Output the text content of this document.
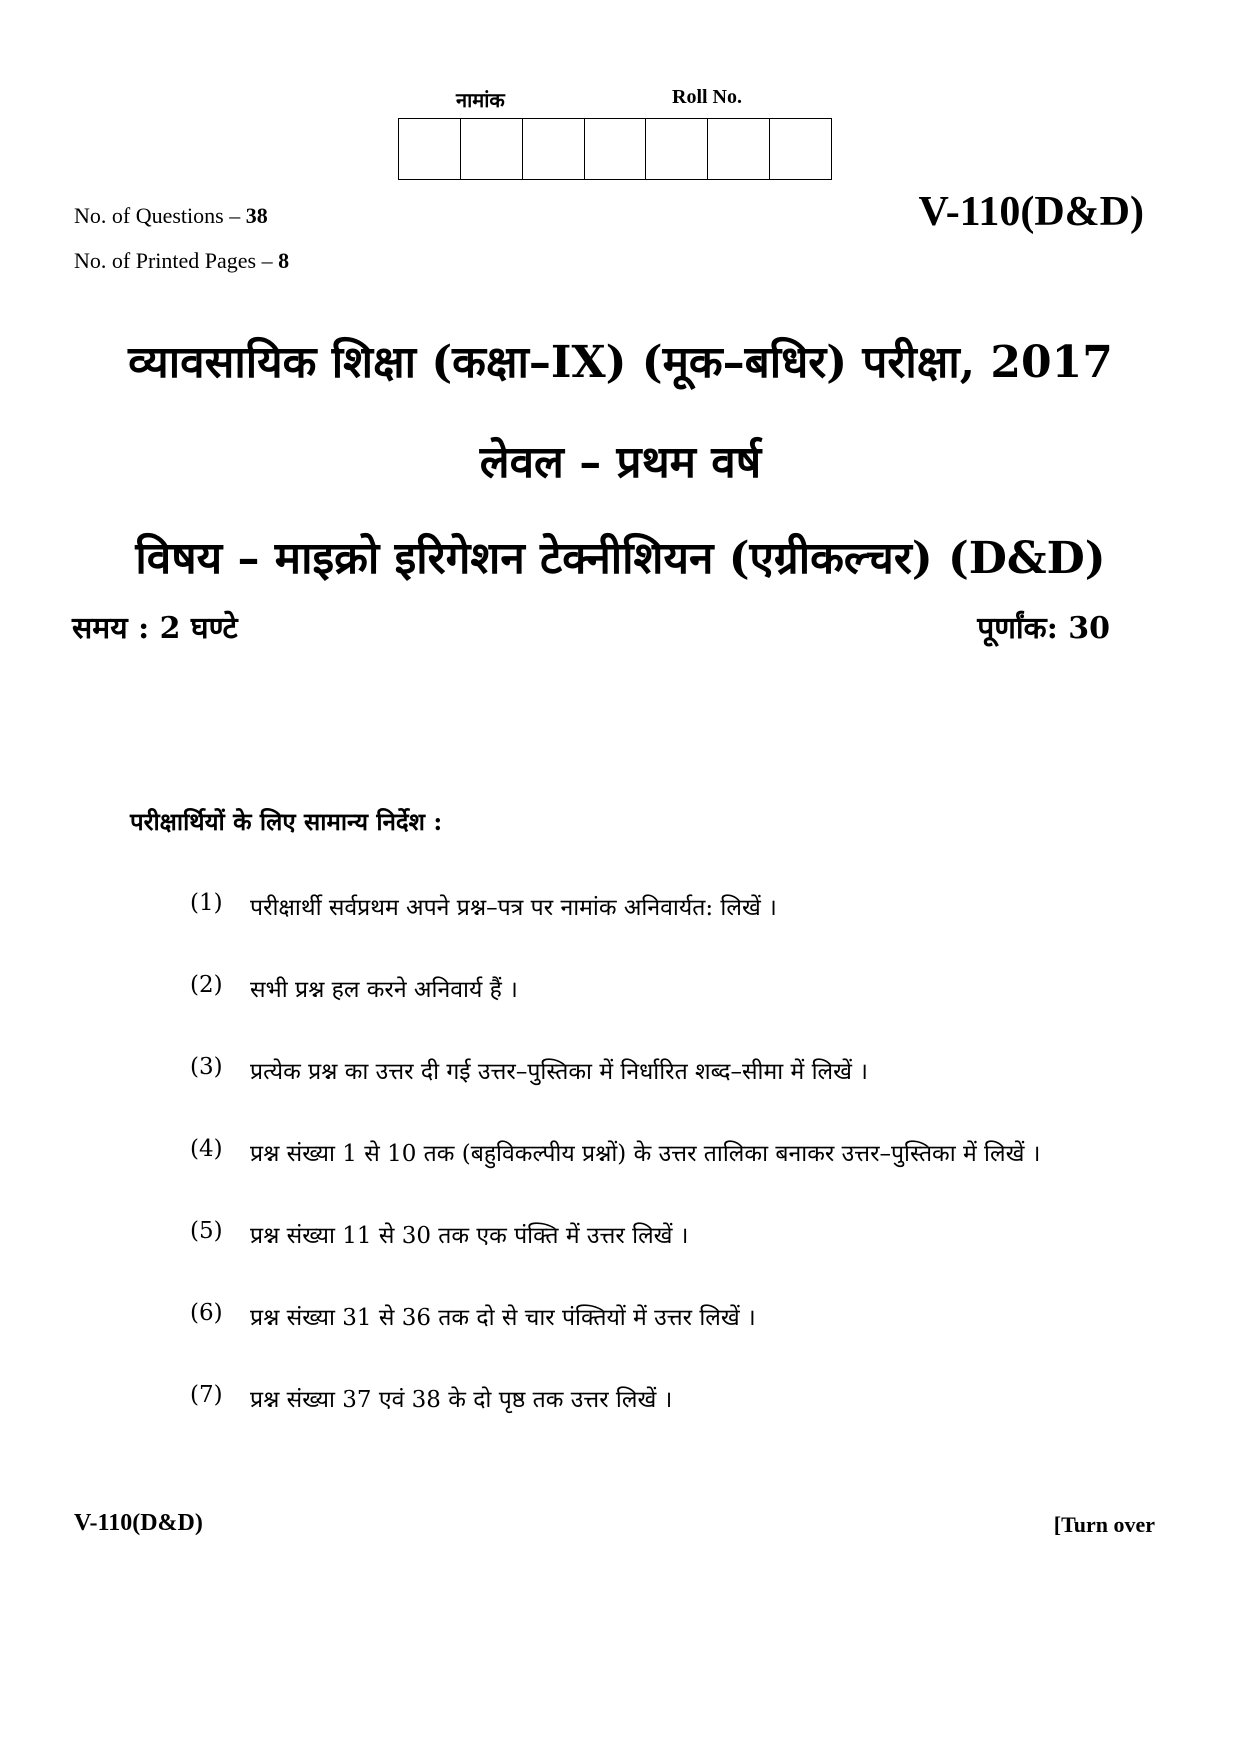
नामांक	Roll No.
No. of Questions – 38
No. of Printed Pages – 8
V-110(D&D)
व्यावसायिक शिक्षा (कक्षा–IX) (मूक–बधिर) परीक्षा, 2017
लेवल – प्रथम वर्ष
विषय – माइक्रो इरिगेशन टेक्नीशियन (एग्रीकल्चर) (D&D)
समय : 2 घण्टे	पूर्णांक: 30
परीक्षार्थियों के लिए सामान्य निर्देश :
(1)	परीक्षार्थी सर्वप्रथम अपने प्रश्न–पत्र पर नामांक अनिवार्यत: लिखें ।
(2)	सभी प्रश्न हल करने अनिवार्य हैं ।
(3)	प्रत्येक प्रश्न का उत्तर दी गई उत्तर–पुस्तिका में निर्धारित शब्द–सीमा में लिखें ।
(4)	प्रश्न संख्या 1 से 10 तक (बहुविकल्पीय प्रश्नों) के उत्तर तालिका बनाकर उत्तर–पुस्तिका में लिखें ।
(5)	प्रश्न संख्या 11 से 30 तक एक पंक्ति में उत्तर लिखें ।
(6)	प्रश्न संख्या 31 से 36 तक दो से चार पंक्तियों में उत्तर लिखें ।
(7)	प्रश्न संख्या 37 एवं 38 के दो पृष्ठ तक उत्तर लिखें ।
V-110(D&D)	[Turn over
